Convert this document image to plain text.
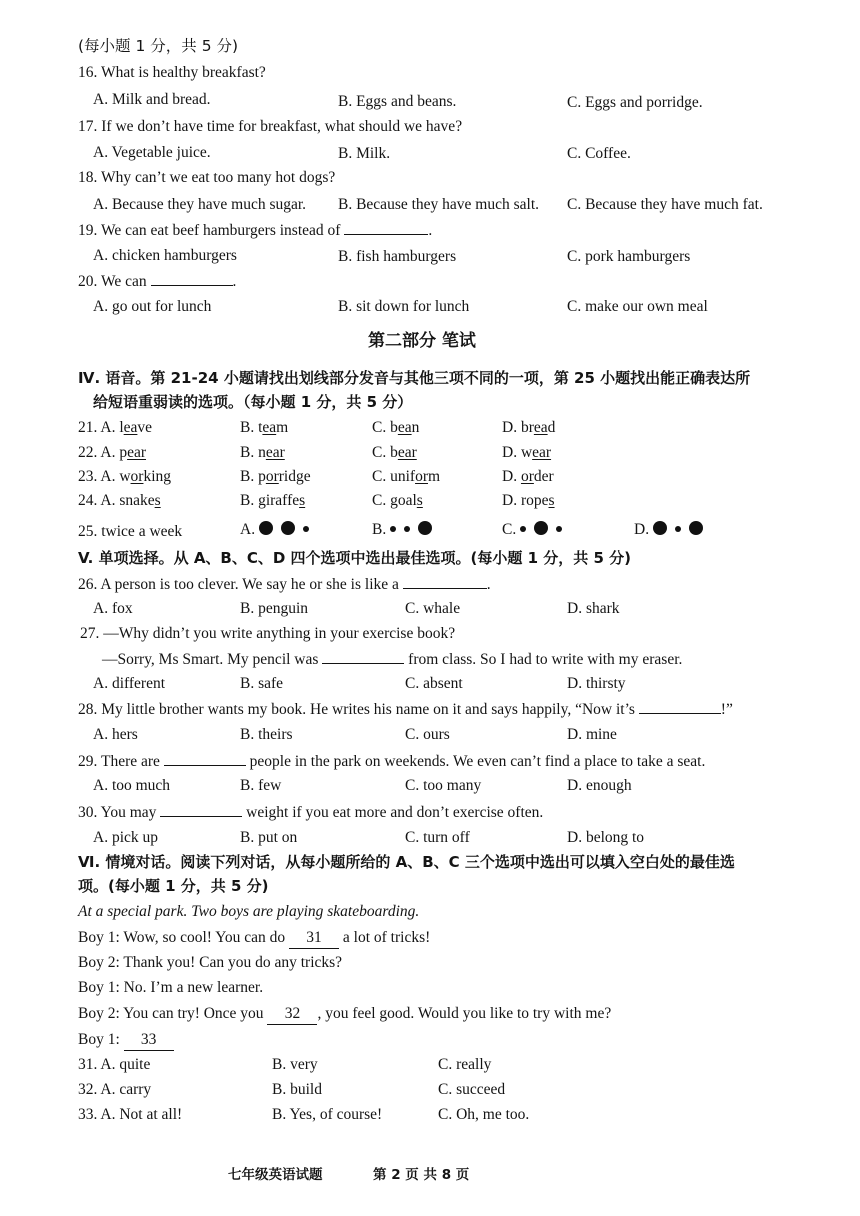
(每小题 1 分，共 5 分)
16. What is healthy breakfast?
A. Milk and bread.	B. Eggs and beans.	C. Eggs and porridge.
17. If we don’t have time for breakfast, what should we have?
A. Vegetable juice.	B. Milk.	C. Coffee.
18. Why can’t we eat too many hot dogs?
A. Because they have much sugar. B. Because they have much salt. C. Because they have much fat.
19. We can eat beef hamburgers instead of	.
A. chicken hamburgers	B. fish hamburgers	C. pork hamburgers
20. We can	.
A. go out for lunch	B. sit down for lunch	C. make our own meal
第二部分 笔试
Ⅳ. 语音。第 21-24 小题请找出划线部分发音与其他三项不同的一项，第 25 小题找出能正确表达所
给短语重弱读的选项。（每小题 1 分，共 5 分）
21. A. leave	B. team	C. bean	D. bread
22. A. pear	B. near	C. bear	D. wear
23. A. working	B. porridge	C. uniform	D. order
24. A. snakes	B. giraffes	C. goals	D. ropes
25. twice a week	A.	B.	C.	D.
V. 单项选择。从 A、B、C、D 四个选项中选出最佳选项。(每小题 1 分，共 5 分)
26. A person is too clever. We say he or she is like a	.
A. fox	B. penguin	C. whale	D. shark
27. —Why didn’t you write anything in your exercise book?
—Sorry, Ms Smart. My pencil was	from class. So I had to write with my eraser.
A. different	B. safe	C. absent	D. thirsty
28. My little brother wants my book. He writes his name on it and says happily, “Now it’s	!”
A. hers	B. theirs	C. ours	D. mine
29. There are	people in the park on weekends. We even can’t find a place to take a seat.
A. too much	B. few	C. too many	D. enough
30. You may	weight if you eat more and don’t exercise often.
A. pick up	B. put on	C. turn off	D. belong to
Ⅵ. 情境对话。阅读下列对话，从每小题所给的 A、B、C 三个选项中选出可以填入空白处的最佳选
项。(每小题 1 分，共 5 分)
At a special park. Two boys are playing skateboarding.
Boy 1: Wow, so cool! You can do 31 a lot of tricks!
Boy 2: Thank you! Can you do any tricks?
Boy 1: No. I’m a new learner.
Boy 2: You can try! Once you 32 , you feel good. Would you like to try with me?
Boy 1: 33
31. A. quite	B. very	C. really
32. A. carry	B. build	C. succeed
33. A. Not at all!	B. Yes, of course!	C. Oh, me too.
七年级英语试题	第 2 页 共 8 页
